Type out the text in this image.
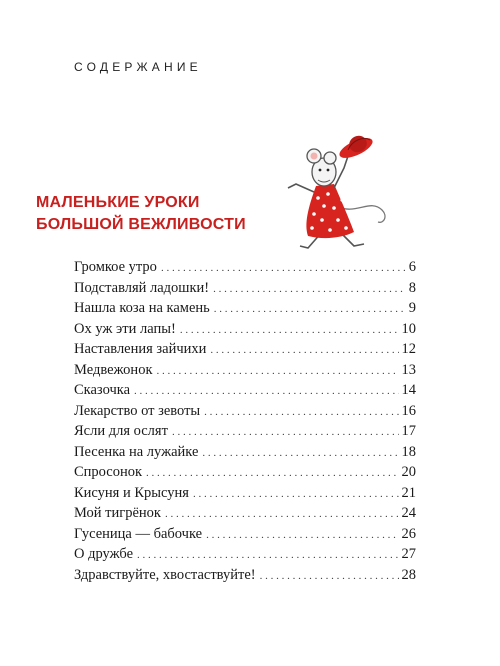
СОДЕРЖАНИЕ
МАЛЕНЬКИЕ УРОКИ
БОЛЬШОЙ ВЕЖЛИВОСТИ
Громкое утро . . .	6
Подставляй ладошки! . . .	8
Нашла коза на камень . . .	9
Ох уж эти лапы! . . .	10
Наставления зайчихи . . .	12
Медвежонок . . .	13
Сказочка . . .	14
Лекарство от зевоты . . .	16
Ясли для ослят . . .	17
Песенка на лужайке . . .	18
Спросонок . . .	20
Кисуня и Крысуня . . .	21
Мой тигрёнок . . .	24
Гусеница — бабочке . . .	26
О дружбе . . .	27
Здравствуйте, хвостаствуйте! . . .	28
